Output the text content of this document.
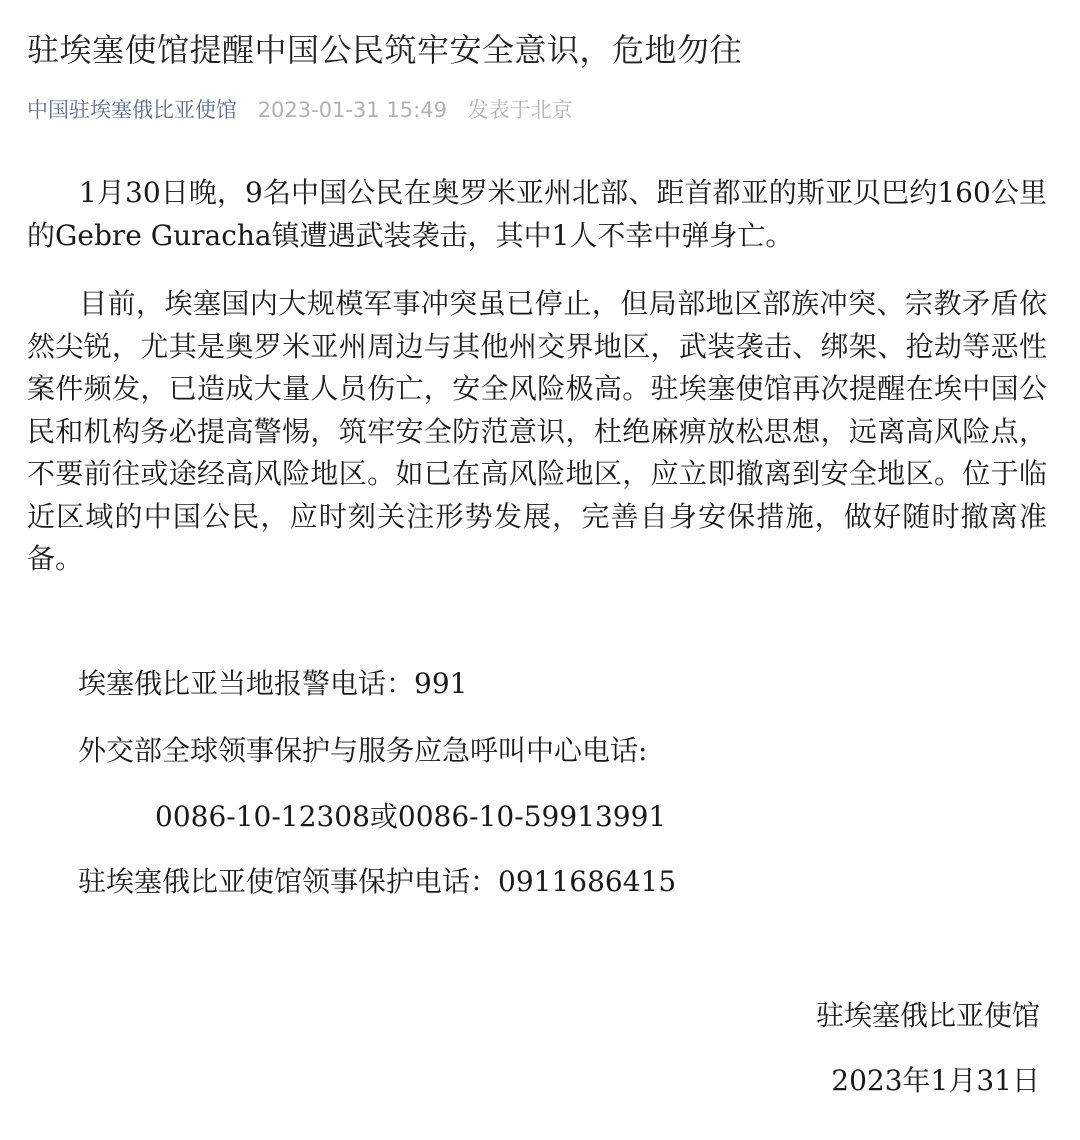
驻埃塞使馆提醒中国公民筑牢安全意识，危地勿往
中国驻埃塞俄比亚使馆 2023-01-31 15:49 发表于北京

1月30日晚，9名中国公民在奥罗米亚州北部、距首都亚的斯亚贝巴约160公里的Gebre Guracha镇遭遇武装袭击，其中1人不幸中弹身亡。

目前，埃塞国内大规模军事冲突虽已停止，但局部地区部族冲突、宗教矛盾依然尖锐，尤其是奥罗米亚州周边与其他州交界地区，武装袭击、绑架、抢劫等恶性案件频发，已造成大量人员伤亡，安全风险极高。驻埃塞使馆再次提醒在埃中国公民和机构务必提高警惕，筑牢安全防范意识，杜绝麻痹放松思想，远离高风险点，不要前往或途经高风险地区。如已在高风险地区，应立即撤离到安全地区。位于临近区域的中国公民，应时刻关注形势发展，完善自身安保措施，做好随时撤离准备。

埃塞俄比亚当地报警电话：991
外交部全球领事保护与服务应急呼叫中心电话:
0086-10-12308或0086-10-59913991
驻埃塞俄比亚使馆领事保护电话：0911686415
驻埃塞俄比亚使馆
2023年1月31日
